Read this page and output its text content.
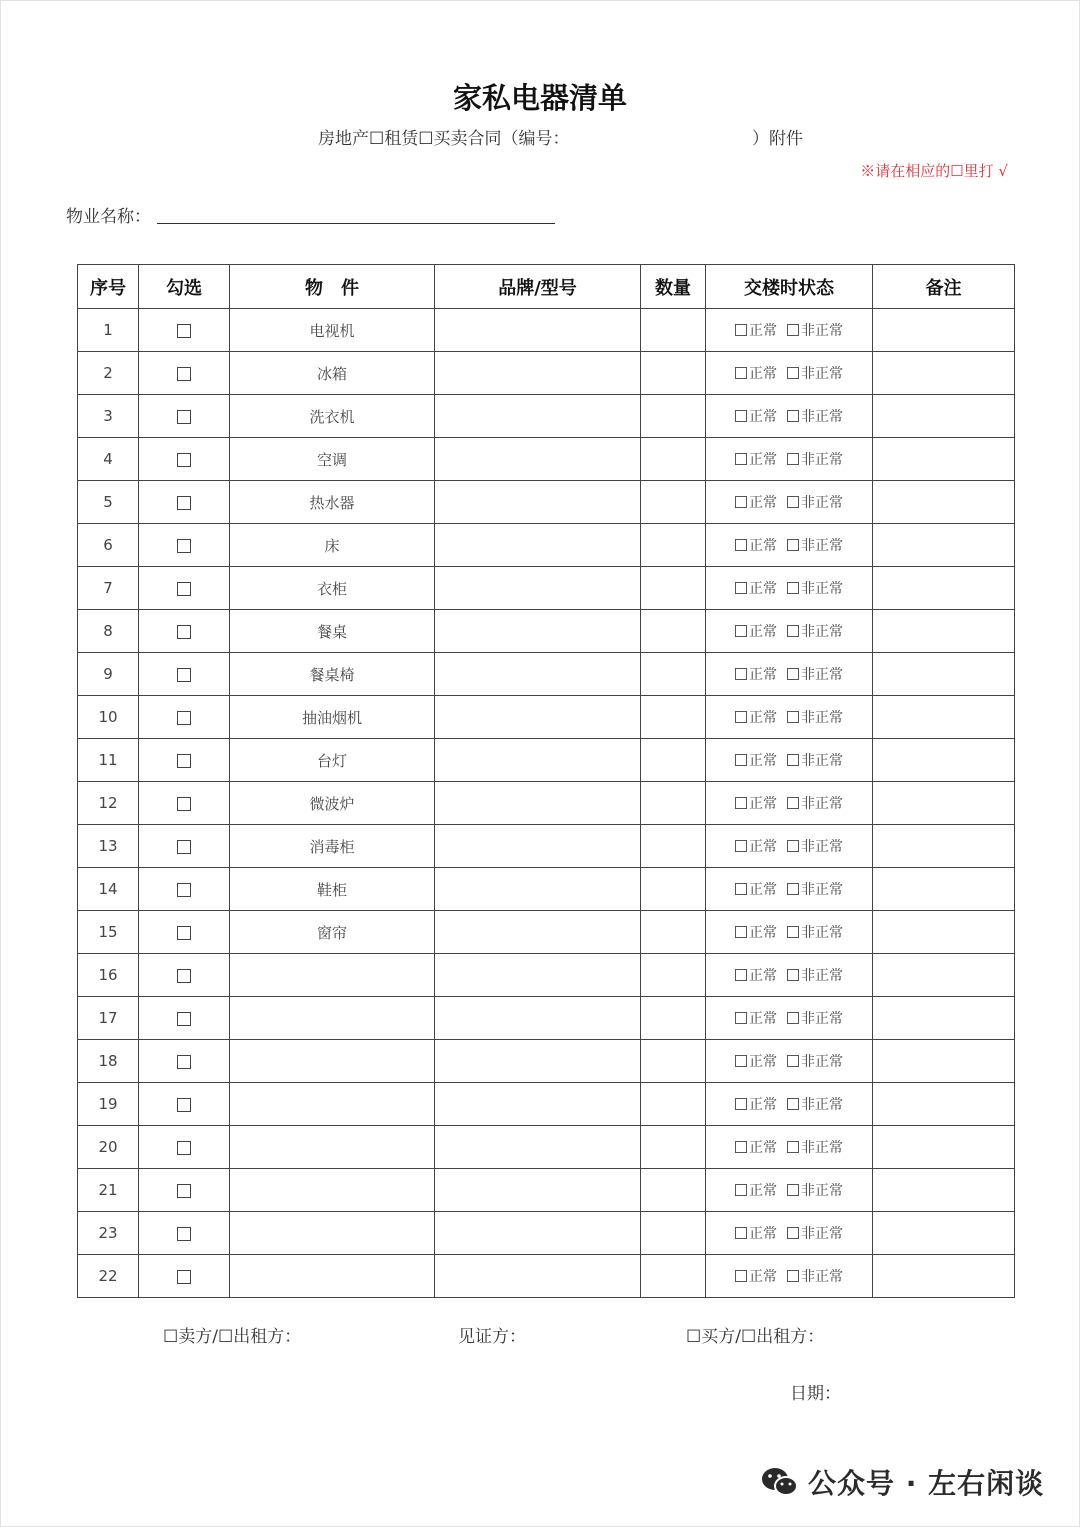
家私电器清单
房地产☐租赁☐买卖合同（编号：	）附件
※请在相应的☐里打 √
物业名称：
序号	勾选	物　件	品牌/型号	数量	交楼时状态	备注
1		电视机			正常 非正常	
2		冰箱			正常 非正常	
3		洗衣机			正常 非正常	
4		空调			正常 非正常	
5		热水器			正常 非正常	
6		床			正常 非正常	
7		衣柜			正常 非正常	
8		餐桌			正常 非正常	
9		餐桌椅			正常 非正常	
10		抽油烟机			正常 非正常	
11		台灯			正常 非正常	
12		微波炉			正常 非正常	
13		消毒柜			正常 非正常	
14		鞋柜			正常 非正常	
15		窗帘			正常 非正常	
16					正常 非正常	
17					正常 非正常	
18					正常 非正常	
19					正常 非正常	
20					正常 非正常	
21					正常 非正常	
23					正常 非正常	
22					正常 非正常	
☐卖方/☐出租方：	见证方：	☐买方/☐出租方：
日期：
公众号 · 左右闲谈
